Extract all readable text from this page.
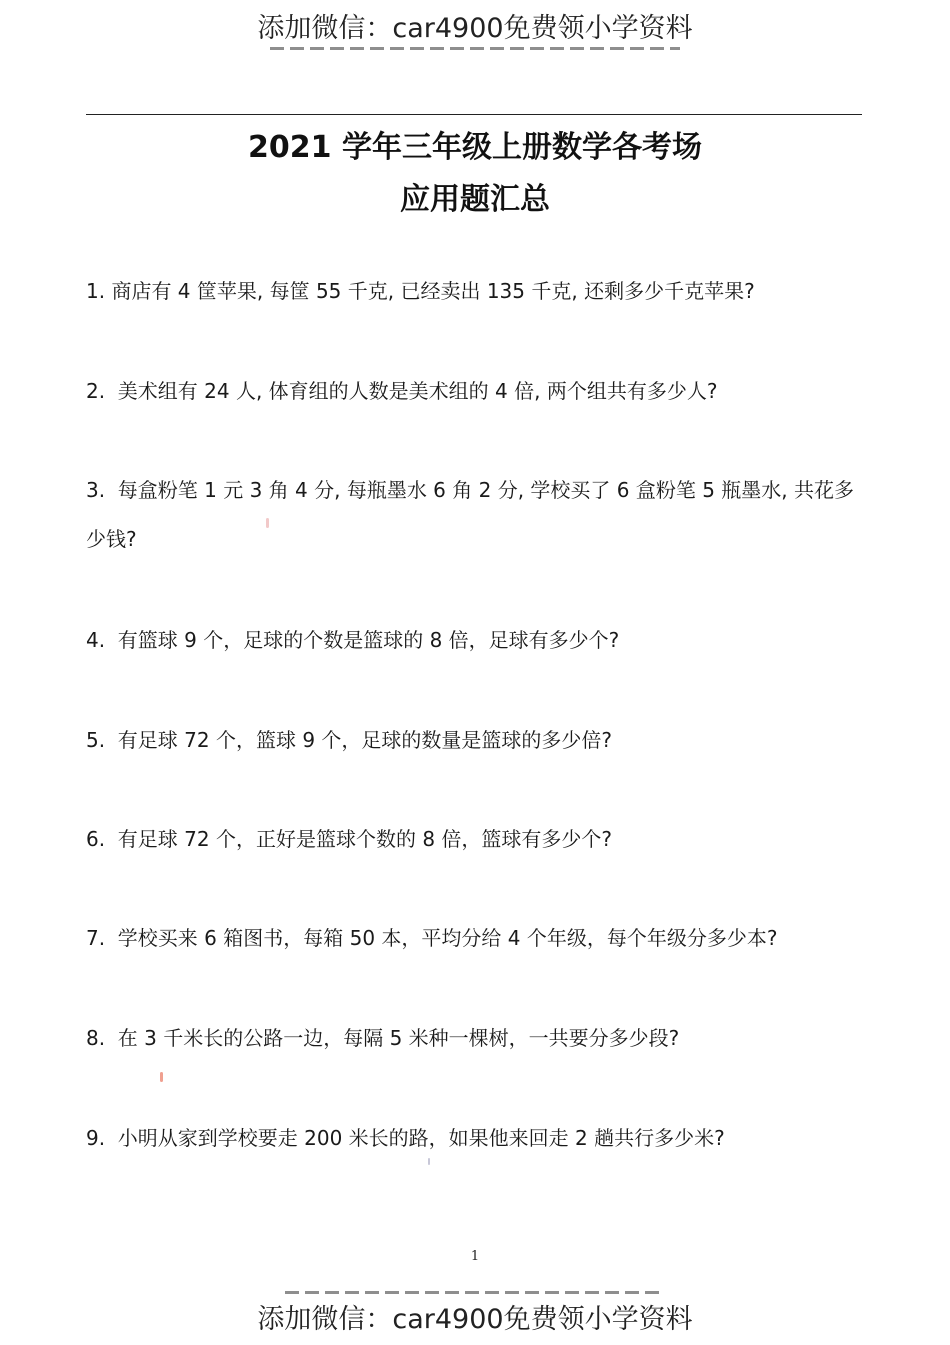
添加微信：car4900免费领小学资料
2021 学年三年级上册数学各考场
应用题汇总
1. 商店有 4 筐苹果, 每筐 55 千克, 已经卖出 135 千克, 还剩多少千克苹果?
2.  美术组有 24 人, 体育组的人数是美术组的 4 倍, 两个组共有多少人?
3.  每盒粉笔 1 元 3 角 4 分, 每瓶墨水 6 角 2 分, 学校买了 6 盒粉笔 5 瓶墨水, 共花多少钱?
4.  有篮球 9 个，足球的个数是篮球的 8 倍，足球有多少个?
5.  有足球 72 个，篮球 9 个，足球的数量是篮球的多少倍?
6.  有足球 72 个，正好是篮球个数的 8 倍，篮球有多少个?
7.  学校买来 6 箱图书，每箱 50 本，平均分给 4 个年级，每个年级分多少本?
8.  在 3 千米长的公路一边，每隔 5 米种一棵树，一共要分多少段?
9.  小明从家到学校要走 200 米长的路，如果他来回走 2 趟共行多少米?
1
添加微信：car4900免费领小学资料
